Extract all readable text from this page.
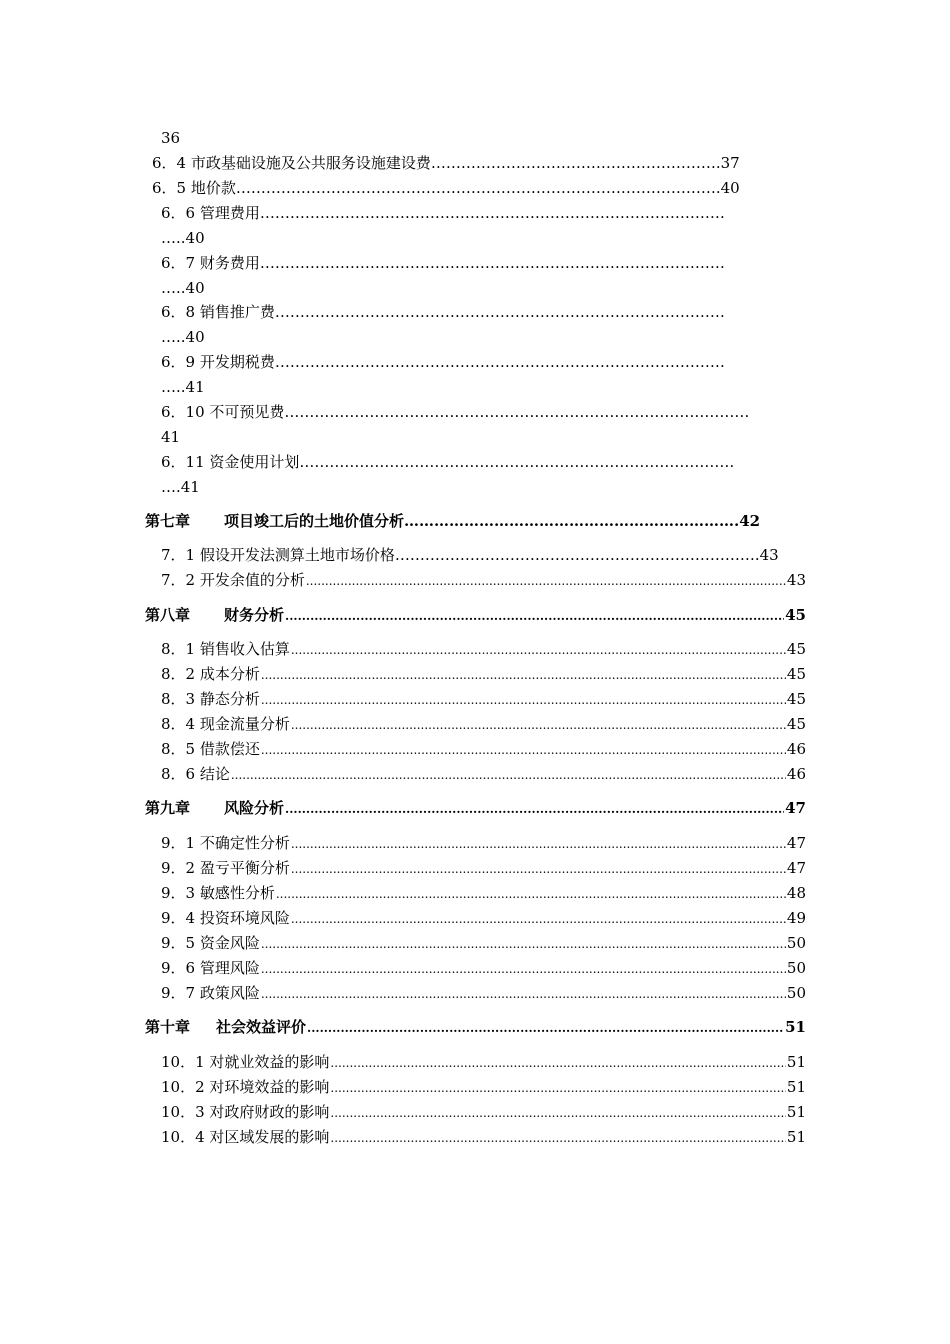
36
6．4 市政基础设施及公共服务设施建设费………………………………………………….37
6．5 地价款…………………………………………………………………………………….40
6．6 管理费用…………………………………………………………………………………
…..40
6．7 财务费用…………………………………………………………………………………
…..40
6．8 销售推广费………………………………………………………………………………
…..40
6．9 开发期税费………………………………………………………………………………
…..41
6．10 不可预见费…………………………………………………………………………………
41
6．11 资金使用计划……………………………………………………………………………
….41
第七章 项目竣工后的土地价值分析………………………………………………………….42
7．1 假设开发法测算土地市场价格……………………………………………………………….43
7．2 开发余值的分析 .....	43
第八章 财务分析 .....	45
8．1 销售收入估算 .....	45
8．2 成本分析 .....	45
8．3 静态分析 .....	45
8．4 现金流量分析 .....	45
8．5 借款偿还 .....	46
8．6 结论 .....	46
第九章 风险分析 .....	47
9．1 不确定性分析 .....	47
9．2 盈亏平衡分析 .....	47
9．3 敏感性分析 .....	48
9．4 投资环境风险 .....	49
9．5 资金风险 .....	50
9．6 管理风险 .....	50
9．7 政策风险 .....	50
第十章 社会效益评价 .....	51
10．1 对就业效益的影响 .....	51
10．2 对环境效益的影响 .....	51
10．3 对政府财政的影响 .....	51
10．4 对区域发展的影响 .....	51
